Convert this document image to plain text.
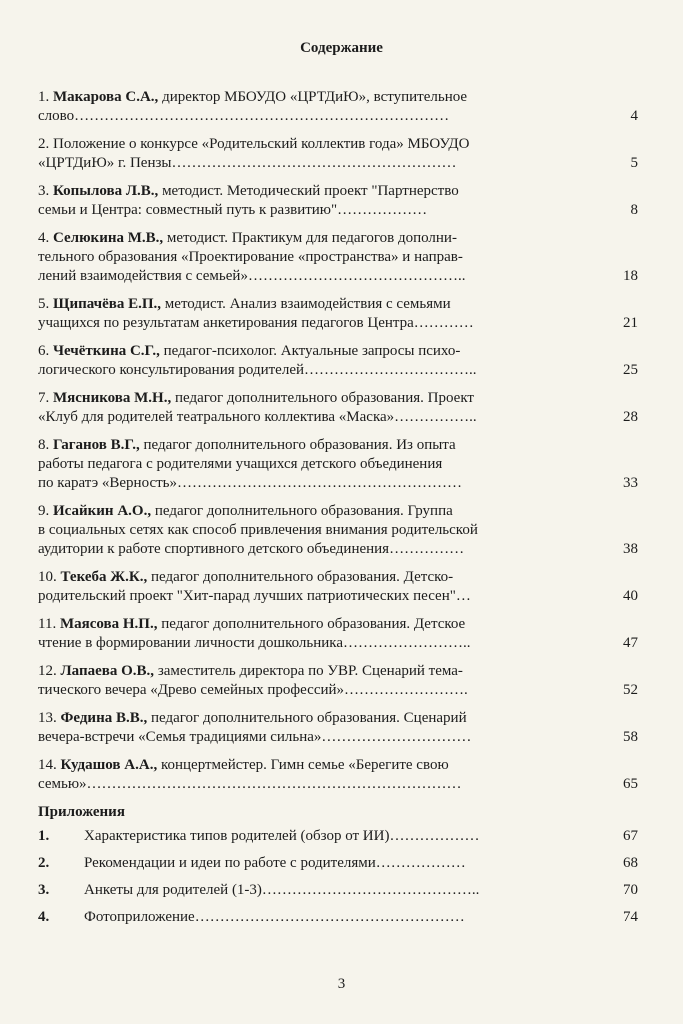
Содержание
1. Макарова С.А., директор МБОУДО «ЦРТДиЮ», вступительное
слово…………………………………………………………………	4
2. Положение о конкурсе «Родительский коллектив года» МБОУДО
«ЦРТДиЮ» г. Пензы…………………………………………………	5
3. Копылова Л.В., методист. Методический проект "Партнерство
семьи и Центра: совместный путь к развитию"………………	8
4. Селюкина М.В., методист. Практикум для педагогов дополни-
тельного образования «Проектирование «пространства» и направ-
лений взаимодействия с семьей»……………………………………..	18
5. Щипачёва Е.П., методист. Анализ взаимодействия с семьями
учащихся по результатам анкетирования педагогов Центра…………	21
6. Чечёткина С.Г., педагог-психолог. Актуальные запросы психо-
логического консультирования родителей……………………………..	25
7. Мясникова М.Н., педагог дополнительного образования. Проект
«Клуб для родителей театрального коллектива «Маска»……………..	28
8. Гаганов В.Г., педагог дополнительного образования. Из опыта
работы педагога с родителями учащихся детского объединения
по каратэ «Верность»…………………………………………………	33
9. Исайкин А.О., педагог дополнительного образования. Группа
в социальных сетях как способ привлечения внимания родительской
аудитории к работе спортивного детского объединения……………	38
10. Текеба Ж.К., педагог дополнительного образования. Детско-
родительский проект "Хит-парад лучших патриотических песен"…	40
11. Маясова Н.П., педагог дополнительного образования. Детское
чтение в формировании личности дошкольника……………………..	47
12. Лапаева О.В., заместитель директора по УВР. Сценарий тема-
тического вечера «Древо семейных профессий»…………………….	52
13. Федина В.В., педагог дополнительного образования. Сценарий
вечера-встречи «Семья традициями сильна»…………………………	58
14. Кудашов А.А., концертмейстер. Гимн семье «Берегите свою
семью»…………………………………………………………………	65
Приложения
1.	Характеристика типов родителей (обзор от ИИ)………………	67
2.	Рекомендации и идеи по работе с родителями………………	68
3.	Анкеты для родителей (1-3)……………………………………..	70
4.	Фотоприложение………………………………………………	74
3
